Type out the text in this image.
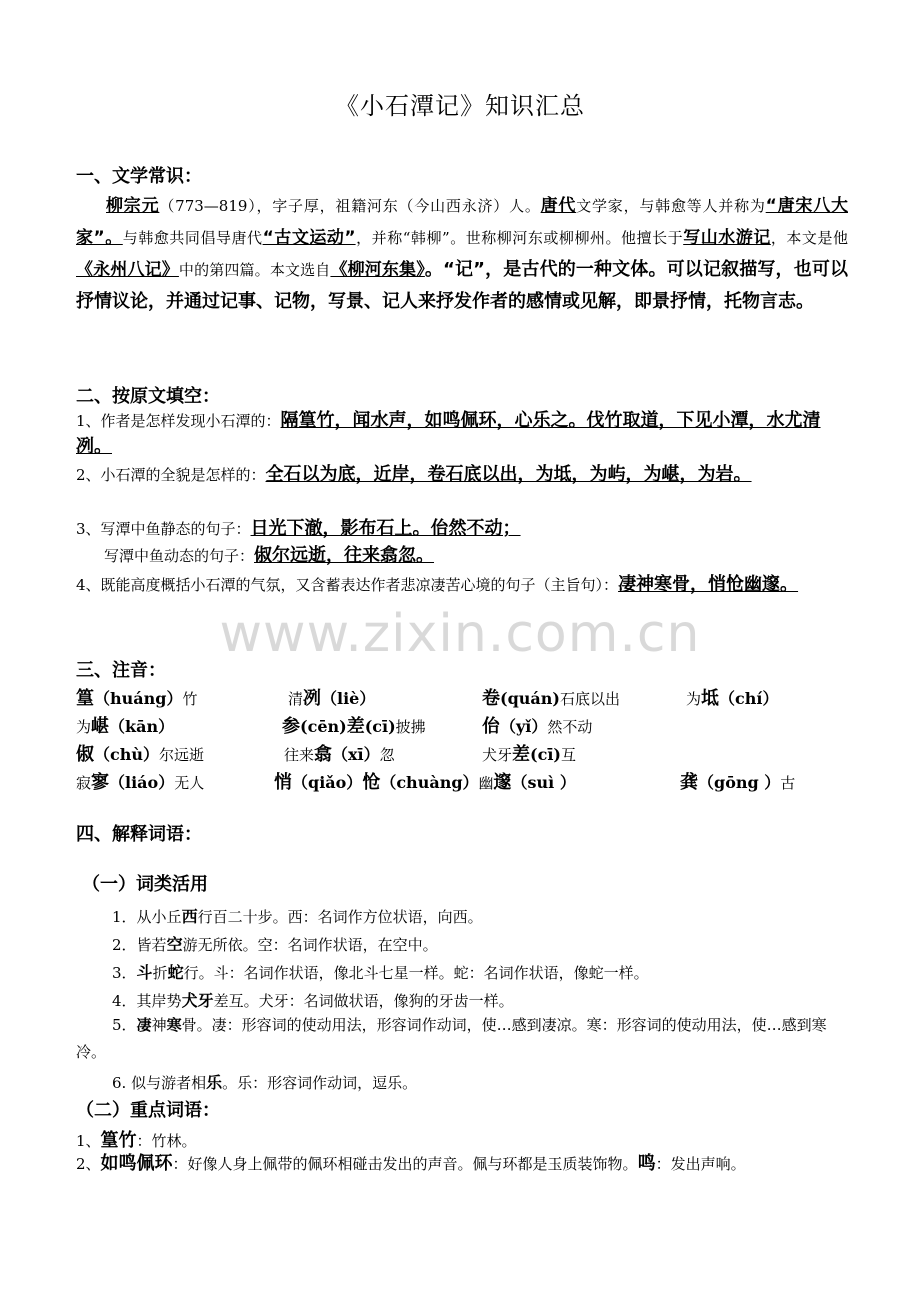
《小石潭记》知识汇总
一、文学常识：
柳宗元（773—819），字子厚，祖籍河东（今山西永济）人。唐代文学家，与韩愈等人并称为“唐宋八大家”。与韩愈共同倡导唐代“古文运动”，并称“韩柳”。世称柳河东或柳柳州。他擅长于写山水游记，本文是他《永州八记》中的第四篇。本文选自《柳河东集》。“记”，是古代的一种文体。可以记叙描写，也可以抒情议论，并通过记事、记物，写景、记人来抒发作者的感情或见解，即景抒情，托物言志。
二、按原文填空：
1、作者是怎样发现小石潭的：隔篁竹，闻水声，如鸣佩环，心乐之。伐竹取道，下见小潭，水尤清冽。
2、小石潭的全貌是怎样的：全石以为底，近岸，卷石底以出，为坻，为屿，为嵁，为岩。
3、写潭中鱼静态的句子：日光下澈，影布石上。佁然不动；
写潭中鱼动态的句子：俶尔远逝，往来翕忽。
4、既能高度概括小石潭的气氛，又含蓄表达作者悲凉凄苦心境的句子（主旨句）：凄神寒骨，悄怆幽邃。
www.zixin.com.cn
三、注音：
篁（huáng）竹	清冽（liè）	卷(quán)石底以出	为坻（chí）
为嵁（kān）	参(cēn)差(cī)披拂	佁（yǐ）然不动
俶（chù）尔远逝	往来翕（xī）忽	犬牙差(cī)互
寂寥（liáo）无人	悄（qiǎo）怆（chuàng）幽邃（suì ）	龚（gōng ）古
四、解释词语：
（一）词类活用
1．从小丘西行百二十步。西：名词作方位状语，向西。
2．皆若空游无所依。空：名词作状语，在空中。
3．斗折蛇行。斗：名词作状语，像北斗七星一样。蛇：名词作状语，像蛇一样。
4．其岸势犬牙差互。犬牙：名词做状语，像狗的牙齿一样。
5．凄神寒骨。凄：形容词的使动用法，形容词作动词，使…感到凄凉。寒：形容词的使动用法，使…感到寒冷。
6. 似与游者相乐。乐：形容词作动词，逗乐。
（二）重点词语：
1、篁竹：竹林。
2、如鸣佩环：好像人身上佩带的佩环相碰击发出的声音。佩与环都是玉质装饰物。鸣：发出声响。
